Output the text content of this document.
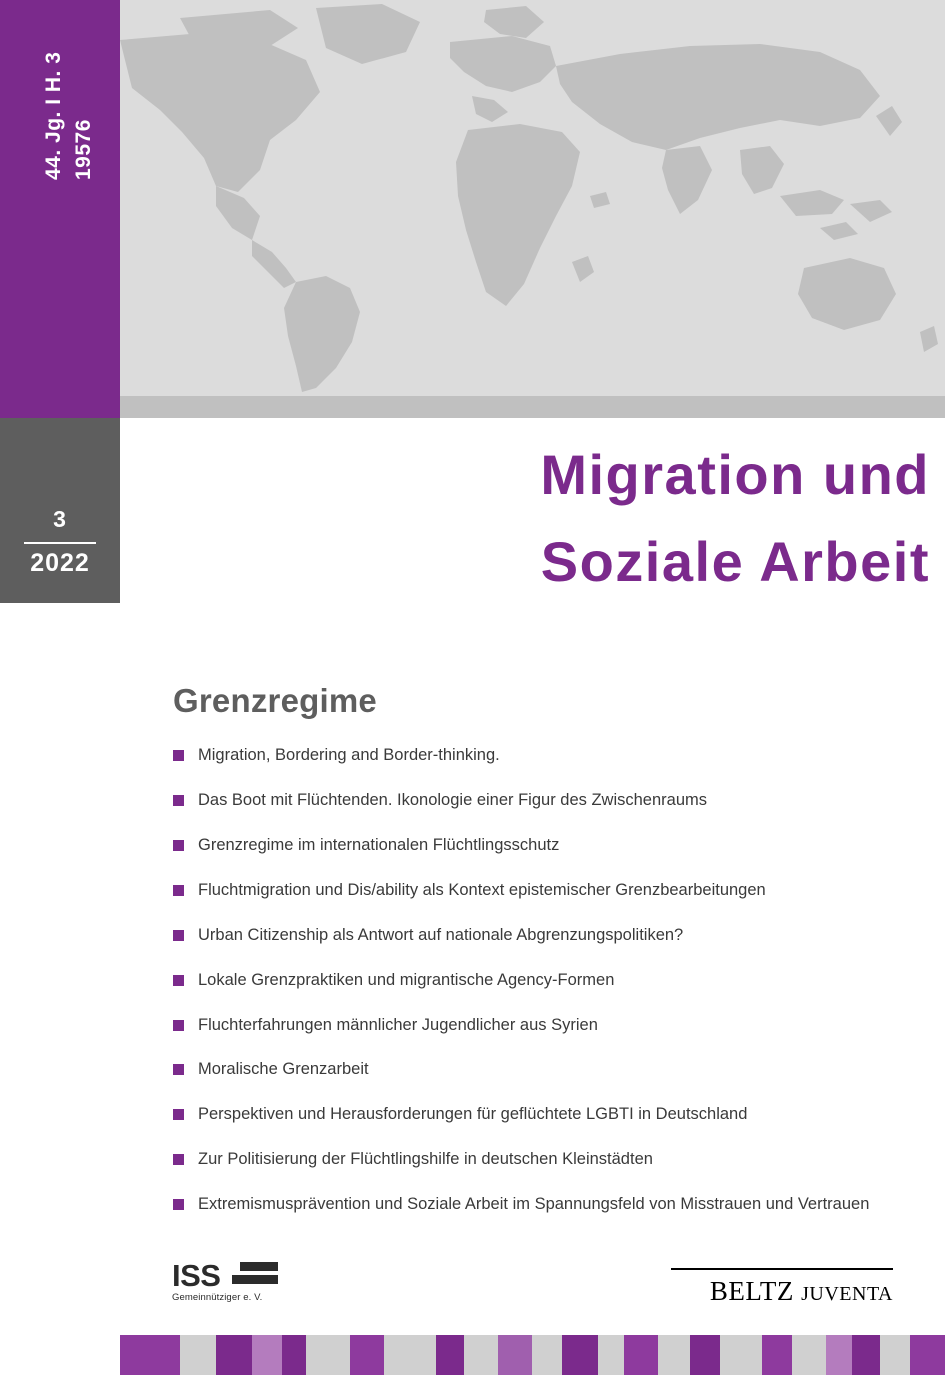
44. Jg. I H. 3 19576
3
2022
Migration und
Soziale Arbeit
Grenzregime
Migration, Bordering and Border-thinking.
Das Boot mit Flüchtenden. Ikonologie einer Figur des Zwischenraums
Grenzregime im internationalen Flüchtlingsschutz
Fluchtmigration und Dis/ability als Kontext epistemischer Grenzbearbeitungen
Urban Citizenship als Antwort auf nationale Abgrenzungspolitiken?
Lokale Grenzpraktiken und migrantische Agency-Formen
Fluchterfahrungen männlicher Jugendlicher aus Syrien
Moralische Grenzarbeit
Perspektiven und Herausforderungen für geflüchtete LGBTI in Deutschland
Zur Politisierung der Flüchtlingshilfe in deutschen Kleinstädten
Extremismusprävention und Soziale Arbeit im Spannungsfeld von Misstrauen und Vertrauen
ISS
Gemeinnütziger e. V.	BELTZ JUVENTA
